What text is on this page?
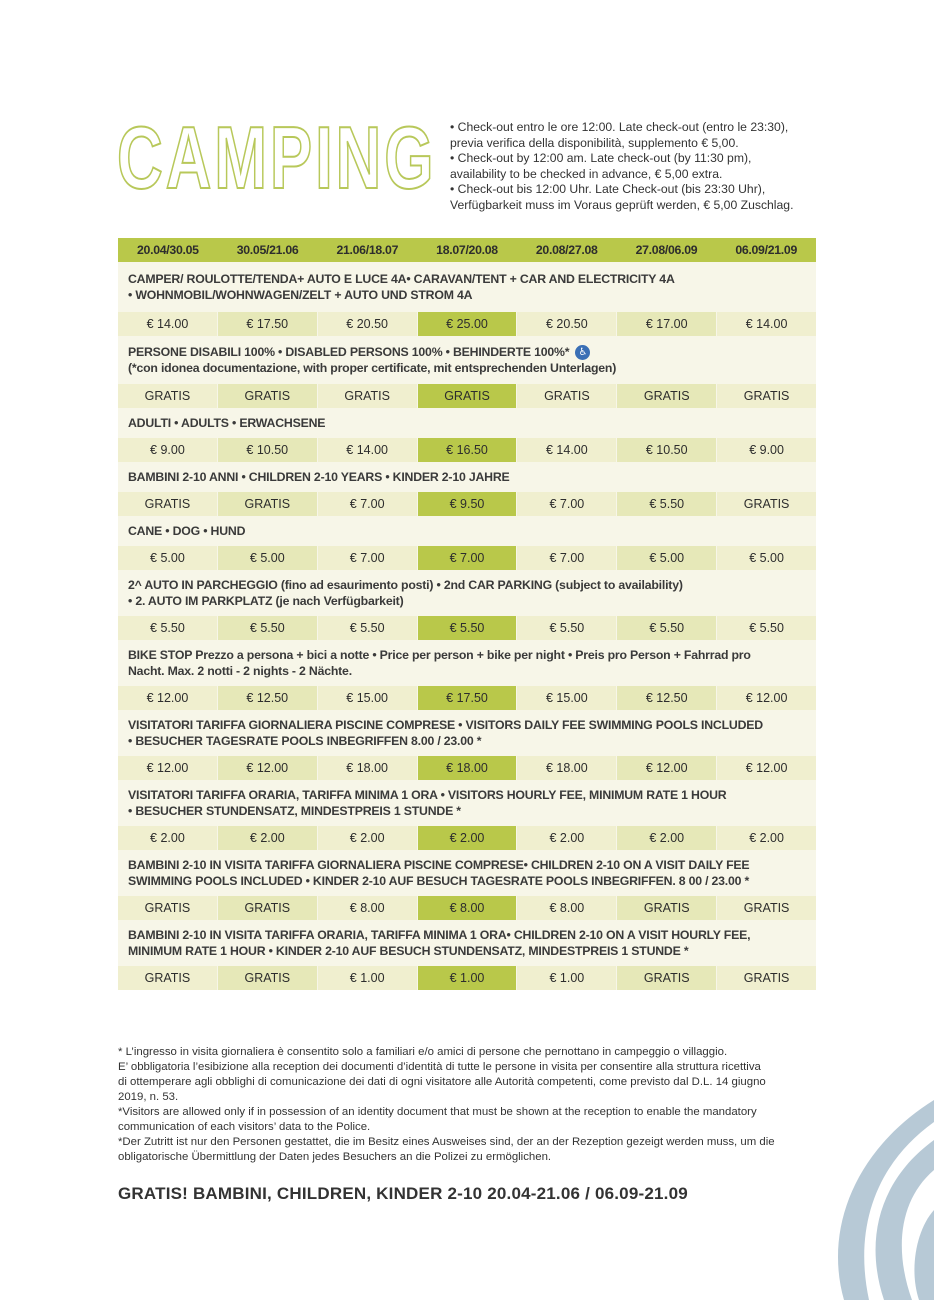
CAMPING • Check-out entro le ore 12:00. Late check-out (entro le 23:30),
previa verifica della disponibilità, supplemento € 5,00.
• Check-out by 12:00 am. Late check-out (by 11:30 pm),
availability to be checked in advance, € 5,00 extra.
• Check-out bis 12:00 Uhr. Late Check-out (bis 23:30 Uhr),
Verfügbarkeit muss im Voraus geprüft werden, € 5,00 Zuschlag.
20.04/30.05	30.05/21.06	21.06/18.07	18.07/20.08	20.08/27.08	27.08/06.09	06.09/21.09
CAMPER/ ROULOTTE/TENDA+ AUTO E LUCE 4A• CARAVAN/TENT + CAR AND ELECTRICITY 4A
• WOHNMOBIL/WOHNWAGEN/ZELT + AUTO UND STROM 4A
€ 14.00	€ 17.50	€ 20.50	€ 25.00	€ 20.50	€ 17.00	€ 14.00
PERSONE DISABILI 100% • DISABLED PERSONS 100% • BEHINDERTE 100%* ♿
(*con idonea documentazione, with proper certificate, mit entsprechenden Unterlagen)
GRATIS	GRATIS	GRATIS	GRATIS	GRATIS	GRATIS	GRATIS
ADULTI • ADULTS • ERWACHSENE
€ 9.00	€ 10.50	€ 14.00	€ 16.50	€ 14.00	€ 10.50	€ 9.00
BAMBINI 2-10 ANNI • CHILDREN 2-10 YEARS • KINDER 2-10 JAHRE
GRATIS	GRATIS	€ 7.00	€ 9.50	€ 7.00	€ 5.50	GRATIS
CANE • DOG • HUND
€ 5.00	€ 5.00	€ 7.00	€ 7.00	€ 7.00	€ 5.00	€ 5.00
2^ AUTO IN PARCHEGGIO (fino ad esaurimento posti) • 2nd CAR PARKING (subject to availability)
• 2. AUTO IM PARKPLATZ (je nach Verfügbarkeit)
€ 5.50	€ 5.50	€ 5.50	€ 5.50	€ 5.50	€ 5.50	€ 5.50
BIKE STOP Prezzo a persona + bici a notte • Price per person + bike per night • Preis pro Person + Fahrrad pro
Nacht. Max. 2 notti - 2 nights - 2 Nächte.
€ 12.00	€ 12.50	€ 15.00	€ 17.50	€ 15.00	€ 12.50	€ 12.00
VISITATORI TARIFFA GIORNALIERA PISCINE COMPRESE • VISITORS DAILY FEE SWIMMING POOLS INCLUDED
• BESUCHER TAGESRATE POOLS INBEGRIFFEN 8.00 / 23.00 *
€ 12.00	€ 12.00	€ 18.00	€ 18.00	€ 18.00	€ 12.00	€ 12.00
VISITATORI TARIFFA ORARIA, TARIFFA MINIMA 1 ORA • VISITORS HOURLY FEE, MINIMUM RATE 1 HOUR
• BESUCHER STUNDENSATZ, MINDESTPREIS 1 STUNDE *
€ 2.00	€ 2.00	€ 2.00	€ 2.00	€ 2.00	€ 2.00	€ 2.00
BAMBINI 2-10 IN VISITA TARIFFA GIORNALIERA PISCINE COMPRESE• CHILDREN 2-10 ON A VISIT DAILY FEE
SWIMMING POOLS INCLUDED • KINDER 2-10 AUF BESUCH TAGESRATE POOLS INBEGRIFFEN. 8 00 / 23.00 *
GRATIS	GRATIS	€ 8.00	€ 8.00	€ 8.00	GRATIS	GRATIS
BAMBINI 2-10 IN VISITA TARIFFA ORARIA, TARIFFA MINIMA 1 ORA• CHILDREN 2-10 ON A VISIT HOURLY FEE,
MINIMUM RATE 1 HOUR • KINDER 2-10 AUF BESUCH STUNDENSATZ, MINDESTPREIS 1 STUNDE *
GRATIS	GRATIS	€ 1.00	€ 1.00	€ 1.00	GRATIS	GRATIS
* L’ingresso in visita giornaliera è consentito solo a familiari e/o amici di persone che pernottano in campeggio o villaggio.
E’ obbligatoria l’esibizione alla reception dei documenti d’identità di tutte le persone in visita per consentire alla struttura ricettiva
di ottemperare agli obblighi di comunicazione dei dati di ogni visitatore alle Autorità competenti, come previsto dal D.L. 14 giugno
2019, n. 53.
*Visitors are allowed only if in possession of an identity document that must be shown at the reception to enable the mandatory
communication of each visitors’ data to the Police.
*Der Zutritt ist nur den Personen gestattet, die im Besitz eines Ausweises sind, der an der Rezeption gezeigt werden muss, um die
obligatorische Übermittlung der Daten jedes Besuchers an die Polizei zu ermöglichen.
GRATIS! BAMBINI, CHILDREN, KINDER 2-10 20.04-21.06 / 06.09-21.09
